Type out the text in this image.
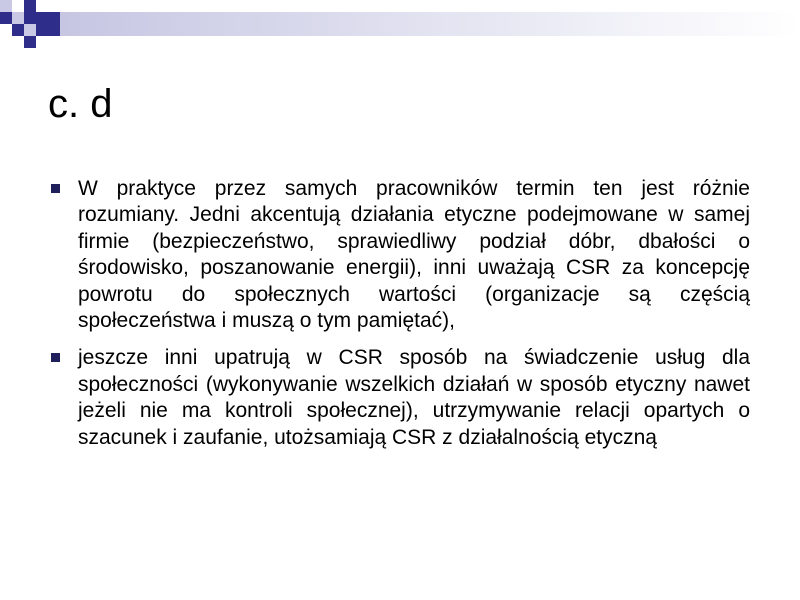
c. d
W praktyce przez samych pracowników termin ten jest różnie rozumiany. Jedni akcentują działania etyczne podejmowane w samej firmie (bezpieczeństwo, sprawiedliwy podział dóbr, dbałości o środowisko, poszanowanie energii), inni uważają CSR za koncepcję powrotu do społecznych wartości (organizacje są częścią społeczeństwa i muszą o tym pamiętać),
jeszcze inni upatrują w CSR sposób na świadczenie usług dla społeczności (wykonywanie wszelkich działań w sposób etyczny nawet jeżeli nie ma kontroli społecznej), utrzymywanie relacji opartych o szacunek i zaufanie, utożsamiają CSR z działalnością etyczną
